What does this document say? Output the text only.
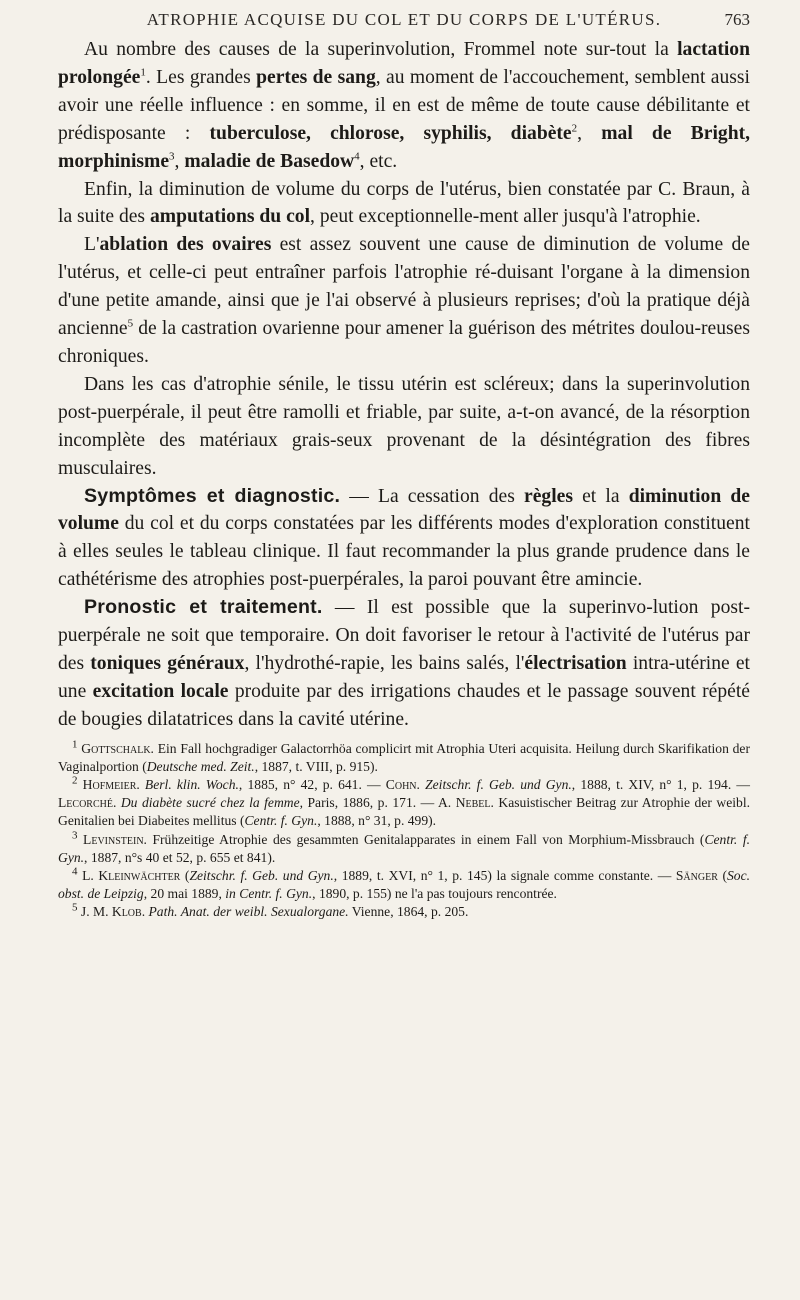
ATROPHIE ACQUISE DU COL ET DU CORPS DE L'UTÉRUS.	763

Au nombre des causes de la superinvolution, Frommel note sur-tout la lactation prolongée$^1$. Les grandes pertes de sang, au moment de l'accouchement, semblent aussi avoir une réelle influence : en somme, il en est de même de toute cause débilitante et prédisposante : tuberculose, chlorose, syphilis, diabète$^2$, mal de Bright, morphinisme$^3$, maladie de Basedow$^4$, etc.

Enfin, la diminution de volume du corps de l'utérus, bien constatée par C. Braun, à la suite des amputations du col, peut exceptionnelle-ment aller jusqu'à l'atrophie.

L'ablation des ovaires est assez souvent une cause de diminution de volume de l'utérus, et celle-ci peut entraîner parfois l'atrophie ré-duisant l'organe à la dimension d'une petite amande, ainsi que je l'ai observé à plusieurs reprises; d'où la pratique déjà ancienne$^5$ de la castration ovarienne pour amener la guérison des métrites doulou-reuses chroniques.

Dans les cas d'atrophie sénile, le tissu utérin est scléreux; dans la superinvolution post-puerpérale, il peut être ramolli et friable, par suite, a-t-on avancé, de la résorption incomplète des matériaux grais-seux provenant de la désintégration des fibres musculaires.

Symptômes et diagnostic. — La cessation des règles et la diminution de volume du col et du corps constatées par les différents modes d'exploration constituent à elles seules le tableau clinique. Il faut recommander la plus grande prudence dans le cathétérisme des atrophies post-puerpérales, la paroi pouvant être amincie.

Pronostic et traitement. — Il est possible que la superinvo-lution post-puerpérale ne soit que temporaire. On doit favoriser le retour à l'activité de l'utérus par des toniques généraux, l'hydrothé-rapie, les bains salés, l'électrisation intra-utérine et une excitation locale produite par des irrigations chaudes et le passage souvent répété de bougies dilatatrices dans la cavité utérine.

$^1$ Gottschalk. Ein Fall hochgradiger Galactorrhöa complicirt mit Atrophia Uteri acquisita. Heilung durch Skarifikation der Vaginalportion (Deutsche med. Zeit., 1887, t. VIII, p. 915).

$^2$ Hofmeier. Berl. klin. Woch., 1885, n° 42, p. 641. — Cohn. Zeitschr. f. Geb. und Gyn., 1888, t. XIV, n° 1, p. 194. — Lecorché. Du diabète sucré chez la femme, Paris, 1886, p. 171. — A. Nebel. Kasuistischer Beitrag zur Atrophie der weibl. Genitalien bei Diabeites mellitus (Centr. f. Gyn., 1888, n° 31, p. 499).

$^3$ Levinstein. Frühzeitige Atrophie des gesammten Genitalapparates in einem Fall von Morphium-Missbrauch (Centr. f. Gyn., 1887, n°s 40 et 52, p. 655 et 841).

$^4$ L. Kleinwächter (Zeitschr. f. Geb. und Gyn., 1889, t. XVI, n° 1, p. 145) la signale comme constante. — Sänger (Soc. obst. de Leipzig, 20 mai 1889, in Centr. f. Gyn., 1890, p. 155) ne l'a pas toujours rencontrée.

$^5$ J. M. Klob. Path. Anat. der weibl. Sexualorgane. Vienne, 1864, p. 205.
